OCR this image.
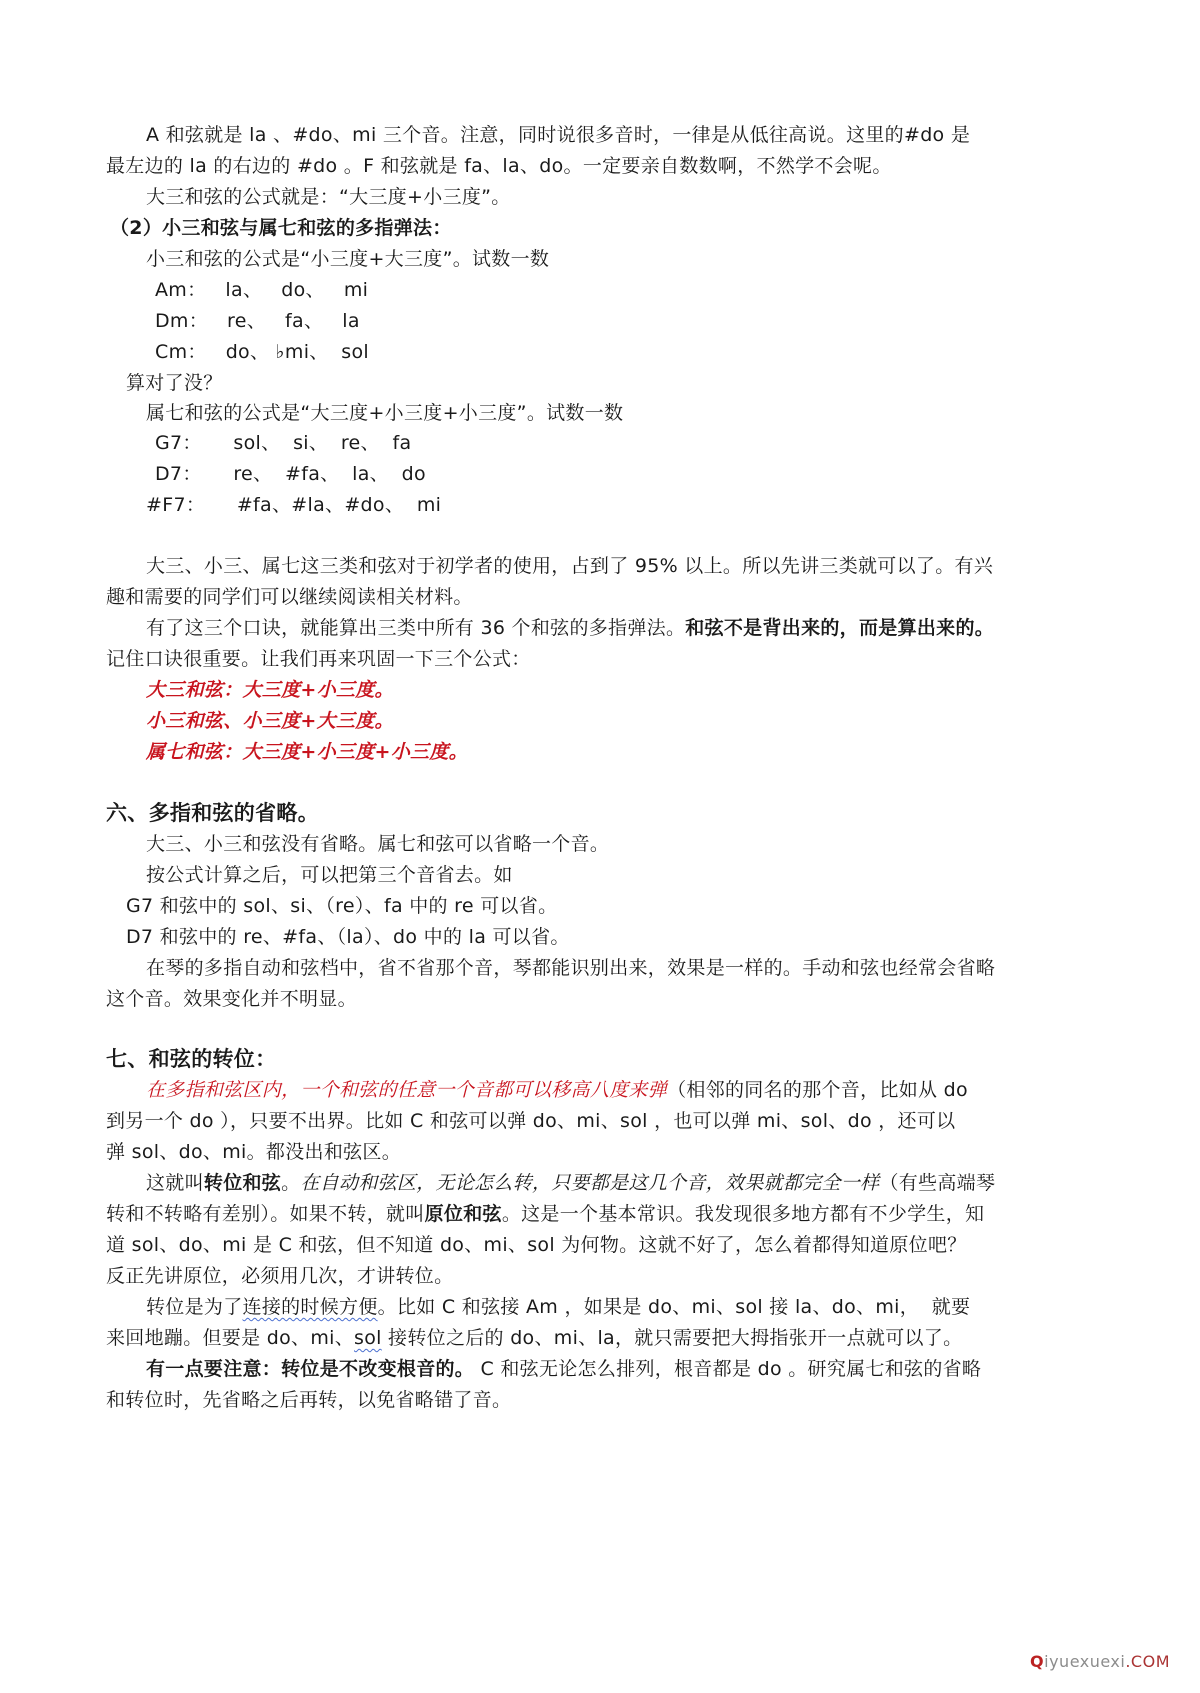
A 和弦就是 la 、#do、mi 三个音。注意，同时说很多音时，一律是从低往高说。这里的#do 是
最左边的 la 的右边的 #do 。F 和弦就是 fa、la、do。一定要亲自数数啊，不然学不会呢。
大三和弦的公式就是：“大三度+小三度”。
（2）小三和弦与属七和弦的多指弹法：
小三和弦的公式是“小三度+大三度”。试数一数
Am：   la、   do、   mi
Dm：   re、   fa、   la
Cm：   do、 ♭mi、  sol
算对了没？
属七和弦的公式是“大三度+小三度+小三度”。试数一数
G7：     sol、  si、  re、  fa
D7：     re、  #fa、  la、  do
#F7：     #fa、#la、#do、  mi
大三、小三、属七这三类和弦对于初学者的使用，占到了 95% 以上。所以先讲三类就可以了。有兴
趣和需要的同学们可以继续阅读相关材料。
有了这三个口诀，就能算出三类中所有 36 个和弦的多指弹法。和弦不是背出来的，而是算出来的。
记住口诀很重要。让我们再来巩固一下三个公式：
大三和弦：大三度+小三度。
小三和弦、小三度+大三度。
属七和弦：大三度+小三度+小三度。
六、多指和弦的省略。
大三、小三和弦没有省略。属七和弦可以省略一个音。
按公式计算之后，可以把第三个音省去。如
G7 和弦中的 sol、si、（re）、fa 中的 re 可以省。
D7 和弦中的 re、#fa、（la）、do 中的 la 可以省。
在琴的多指自动和弦档中，省不省那个音，琴都能识别出来，效果是一样的。手动和弦也经常会省略
这个音。效果变化并不明显。
七、和弦的转位：
在多指和弦区内，一个和弦的任意一个音都可以移高八度来弹（相邻的同名的那个音，比如从 do
到另一个 do ），只要不出界。比如 C 和弦可以弹 do、mi、sol ，也可以弹 mi、sol、do ，还可以
弹 sol、do、mi。都没出和弦区。
这就叫转位和弦。在自动和弦区，无论怎么转，只要都是这几个音，效果就都完全一样（有些高端琴
转和不转略有差别）。如果不转，就叫原位和弦。这是一个基本常识。我发现很多地方都有不少学生，知
道 sol、do、mi 是 C 和弦，但不知道 do、mi、sol 为何物。这就不好了，怎么着都得知道原位吧？
反正先讲原位，必须用几次，才讲转位。
转位是为了连接的时候方便。比如 C 和弦接 Am ，如果是 do、mi、sol 接 la、do、mi，  就要
来回地蹦。但要是 do、mi、sol 接转位之后的 do、mi、la，就只需要把大拇指张开一点就可以了。
有一点要注意：转位是不改变根音的。 C 和弦无论怎么排列，根音都是 do 。研究属七和弦的省略
和转位时，先省略之后再转，以免省略错了音。
Qiyuexuexi.COM
